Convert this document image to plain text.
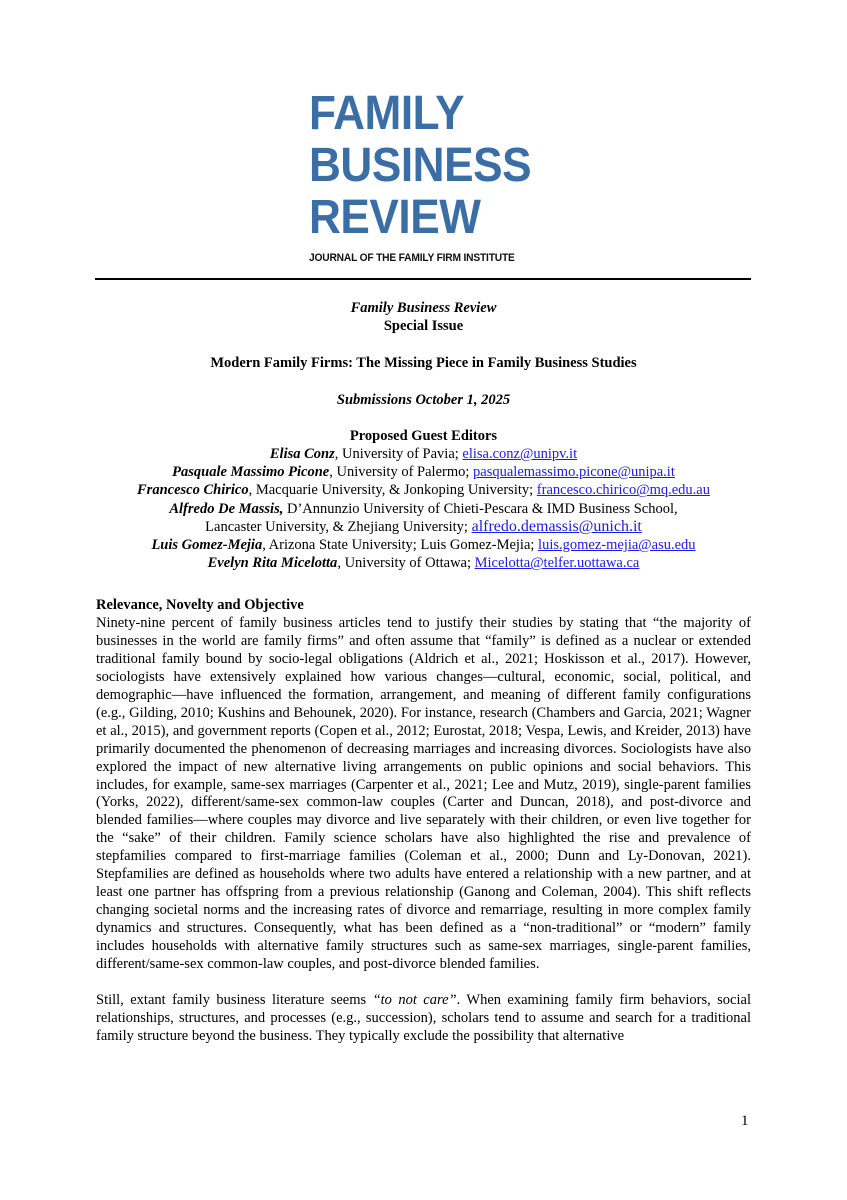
FAMILY
BUSINESS
REVIEW
JOURNAL OF THE FAMILY FIRM INSTITUTE
Family Business Review
Special Issue
Modern Family Firms: The Missing Piece in Family Business Studies
Submissions October 1, 2025
Proposed Guest Editors
Elisa Conz, University of Pavia; elisa.conz@unipv.it
Pasquale Massimo Picone, University of Palermo; pasqualemassimo.picone@unipa.it
Francesco Chirico, Macquarie University, & Jonkoping University; francesco.chirico@mq.edu.au
Alfredo De Massis, D’Annunzio University of Chieti-Pescara & IMD Business School,
Lancaster University, & Zhejiang University; alfredo.demassis@unich.it
Luis Gomez-Mejia, Arizona State University; Luis Gomez-Mejia; luis.gomez-mejia@asu.edu
Evelyn Rita Micelotta, University of Ottawa; Micelotta@telfer.uottawa.ca
Relevance, Novelty and Objective

Ninety-nine percent of family business articles tend to justify their studies by stating that “the majority of businesses in the world are family firms” and often assume that “family” is defined as a nuclear or extended traditional family bound by socio-legal obligations (Aldrich et al., 2021; Hoskisson et al., 2017). However, sociologists have extensively explained how various changes—cultural, economic, social, political, and demographic—have influenced the formation, arrangement, and meaning of different family configurations (e.g., Gilding, 2010; Kushins and Behounek, 2020). For instance, research (Chambers and Garcia, 2021; Wagner et al., 2015), and government reports (Copen et al., 2012; Eurostat, 2018; Vespa, Lewis, and Kreider, 2013) have primarily documented the phenomenon of decreasing marriages and increasing divorces. Sociologists have also explored the impact of new alternative living arrangements on public opinions and social behaviors. This includes, for example, same-sex marriages (Carpenter et al., 2021; Lee and Mutz, 2019), single-parent families (Yorks, 2022), different/same-sex common-law couples (Carter and Duncan, 2018), and post-divorce and blended families—where couples may divorce and live separately with their children, or even live together for the “sake” of their children. Family science scholars have also highlighted the rise and prevalence of stepfamilies compared to first-marriage families (Coleman et al., 2000; Dunn and Ly-Donovan, 2021). Stepfamilies are defined as households where two adults have entered a relationship with a new partner, and at least one partner has offspring from a previous relationship (Ganong and Coleman, 2004). This shift reflects changing societal norms and the increasing rates of divorce and remarriage, resulting in more complex family dynamics and structures. Consequently, what has been defined as a “non-traditional” or “modern” family includes households with alternative family structures such as same-sex marriages, single-parent families, different/same-sex common-law couples, and post-divorce blended families.

Still, extant family business literature seems “to not care”. When examining family firm behaviors, social relationships, structures, and processes (e.g., succession), scholars tend to assume and search for a traditional family structure beyond the business. They typically exclude the possibility that alternative

1
